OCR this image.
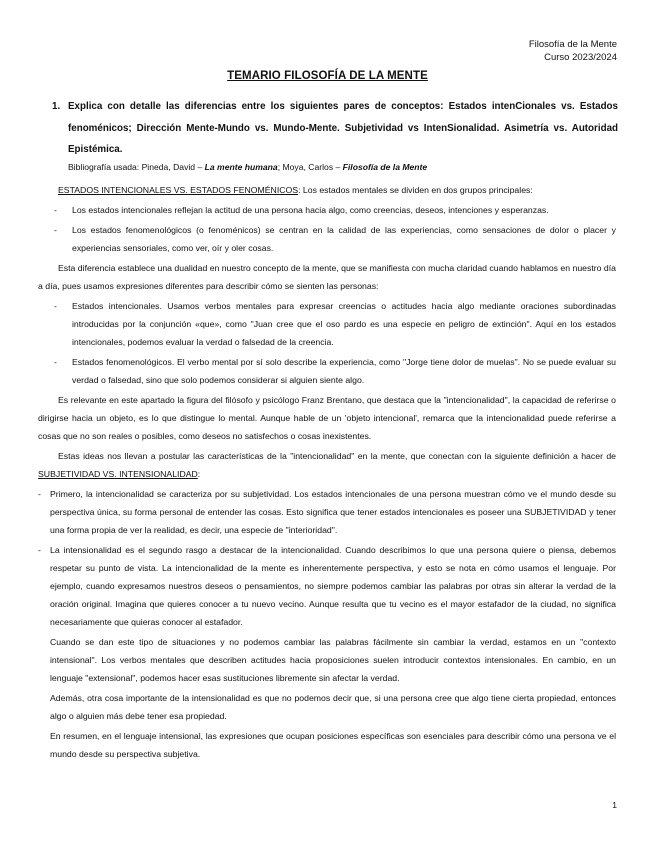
Filosofía de la Mente
Curso 2023/2024
TEMARIO FILOSOFÍA DE LA MENTE
1. Explica con detalle las diferencias entre los siguientes pares de conceptos: Estados intenCionales vs. Estados fenoménicos; Dirección Mente-Mundo vs. Mundo-Mente. Subjetividad vs IntenSionalidad. Asimetría vs. Autoridad Epistémica.
Bibliografía usada: Pineda, David – La mente humana; Moya, Carlos – Filosofía de la Mente

ESTADOS INTENCIONALES VS. ESTADOS FENOMÉNICOS: Los estados mentales se dividen en dos grupos principales:

- Los estados intencionales reflejan la actitud de una persona hacia algo, como creencias, deseos, intenciones y esperanzas.

- Los estados fenomenológicos (o fenoménicos) se centran en la calidad de las experiencias, como sensaciones de dolor o placer y experiencias sensoriales, como ver, oír y oler cosas.

Esta diferencia establece una dualidad en nuestro concepto de la mente, que se manifiesta con mucha claridad cuando hablamos en nuestro día a día, pues usamos expresiones diferentes para describir cómo se sienten las personas:

- Estados intencionales. Usamos verbos mentales para expresar creencias o actitudes hacia algo mediante oraciones subordinadas introducidas por la conjunción «que», como "Juan cree que el oso pardo es una especie en peligro de extinción". Aquí en los estados intencionales, podemos evaluar la verdad o falsedad de la creencia.

- Estados fenomenológicos. El verbo mental por sí solo describe la experiencia, como "Jorge tiene dolor de muelas". No se puede evaluar su verdad o falsedad, sino que solo podemos considerar si alguien siente algo.

Es relevante en este apartado la figura del filósofo y psicólogo Franz Brentano, que destaca que la "intencionalidad", la capacidad de referirse o dirigirse hacia un objeto, es lo que distingue lo mental. Aunque hable de un 'objeto intencional', remarca que la intencionalidad puede referirse a cosas que no son reales o posibles, como deseos no satisfechos o cosas inexistentes.

Estas ideas nos llevan a postular las características de la "intencionalidad" en la mente, que conectan con la siguiente definición a hacer de SUBJETIVIDAD VS. INTENSIONALIDAD:

- Primero, la intencionalidad se caracteriza por su subjetividad. Los estados intencionales de una persona muestran cómo ve el mundo desde su perspectiva única, su forma personal de entender las cosas. Esto significa que tener estados intencionales es poseer una SUBJETIVIDAD y tener una forma propia de ver la realidad, es decir, una especie de "interioridad".

- La intensionalidad es el segundo rasgo a destacar de la intencionalidad. Cuando describimos lo que una persona quiere o piensa, debemos respetar su punto de vista. La intencionalidad de la mente es inherentemente perspectiva, y esto se nota en cómo usamos el lenguaje. Por ejemplo, cuando expresamos nuestros deseos o pensamientos, no siempre podemos cambiar las palabras por otras sin alterar la verdad de la oración original. Imagina que quieres conocer a tu nuevo vecino. Aunque resulta que tu vecino es el mayor estafador de la ciudad, no significa necesariamente que quieras conocer al estafador.

Cuando se dan este tipo de situaciones y no podemos cambiar las palabras fácilmente sin cambiar la verdad, estamos en un "contexto intensional". Los verbos mentales que describen actitudes hacia proposiciones suelen introducir contextos intensionales. En cambio, en un lenguaje "extensional", podemos hacer esas sustituciones libremente sin afectar la verdad.

Además, otra cosa importante de la intensionalidad es que no podemos decir que, si una persona cree que algo tiene cierta propiedad, entonces algo o alguien más debe tener esa propiedad.

En resumen, en el lenguaje intensional, las expresiones que ocupan posiciones específicas son esenciales para describir cómo una persona ve el mundo desde su perspectiva subjetiva.

1
